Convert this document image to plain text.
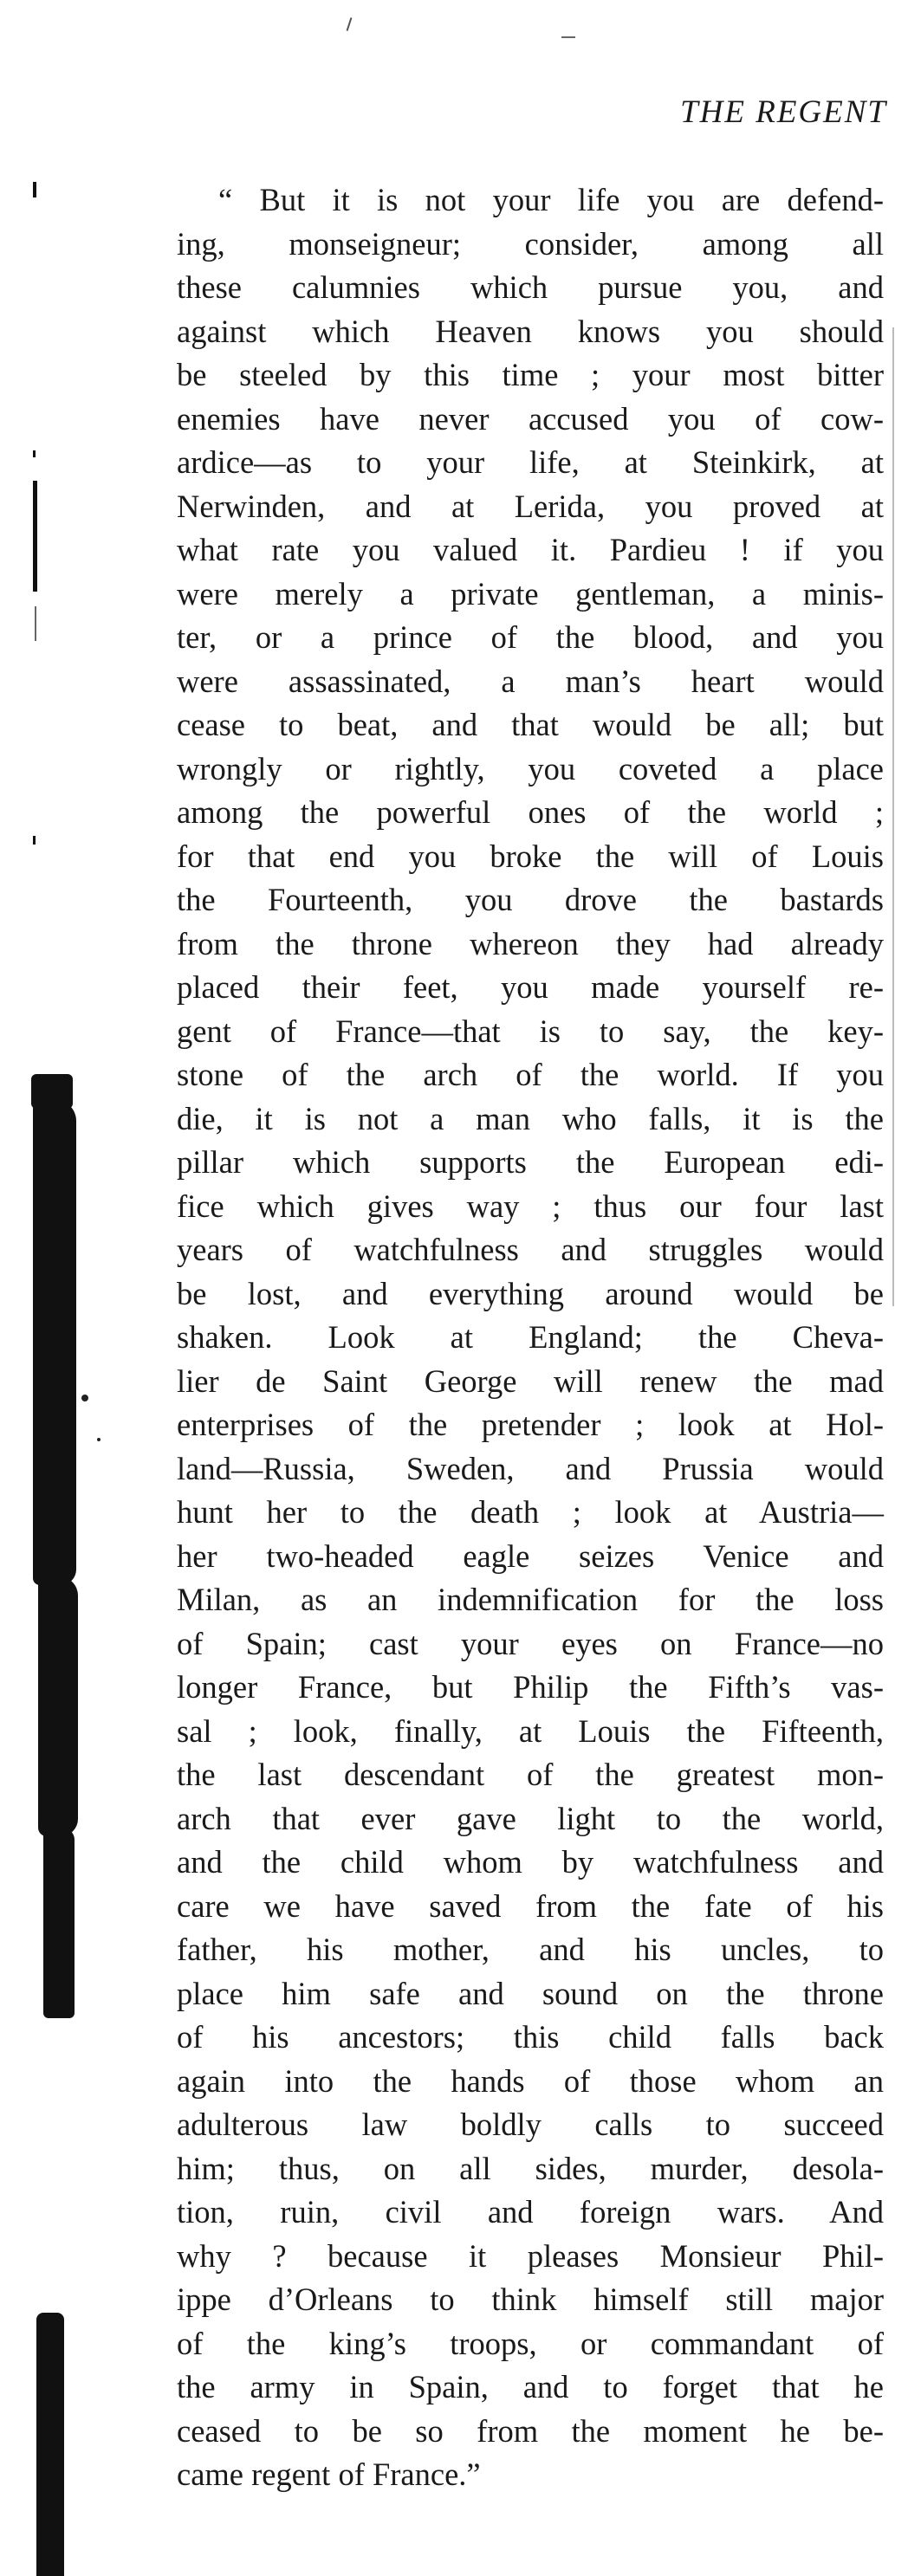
THE REGENT
“ But it is not your life you are defend-
ing, monseigneur; consider, among all
these calumnies which pursue you, and
against which Heaven knows you should
be steeled by this time ; your most bitter
enemies have never accused you of cow-
ardice—as to your life, at Steinkirk, at
Nerwinden, and at Lerida, you proved at
what rate you valued it. Pardieu ! if you
were merely a private gentleman, a minis-
ter, or a prince of the blood, and you
were assassinated, a man’s heart would
cease to beat, and that would be all; but
wrongly or rightly, you coveted a place
among the powerful ones of the world ;
for that end you broke the will of Louis
the Fourteenth, you drove the bastards
from the throne whereon they had already
placed their feet, you made yourself re-
gent of France—that is to say, the key-
stone of the arch of the world. If you
die, it is not a man who falls, it is the
pillar which supports the European edi-
fice which gives way ; thus our four last
years of watchfulness and struggles would
be lost, and everything around would be
shaken. Look at England; the Cheva-
lier de Saint George will renew the mad
enterprises of the pretender ; look at Hol-
land—Russia, Sweden, and Prussia would
hunt her to the death ; look at Austria—
her two-headed eagle seizes Venice and
Milan, as an indemnification for the loss
of Spain; cast your eyes on France—no
longer France, but Philip the Fifth’s vas-
sal ; look, finally, at Louis the Fifteenth,
the last descendant of the greatest mon-
arch that ever gave light to the world,
and the child whom by watchfulness and
care we have saved from the fate of his
father, his mother, and his uncles, to
place him safe and sound on the throne
of his ancestors; this child falls back
again into the hands of those whom an
adulterous law boldly calls to succeed
him; thus, on all sides, murder, desola-
tion, ruin, civil and foreign wars. And
why ? because it pleases Monsieur Phil-
ippe d’Orleans to think himself still major
of the king’s troops, or commandant of
the army in Spain, and to forget that he
ceased to be so from the moment he be-
came regent of France.”
